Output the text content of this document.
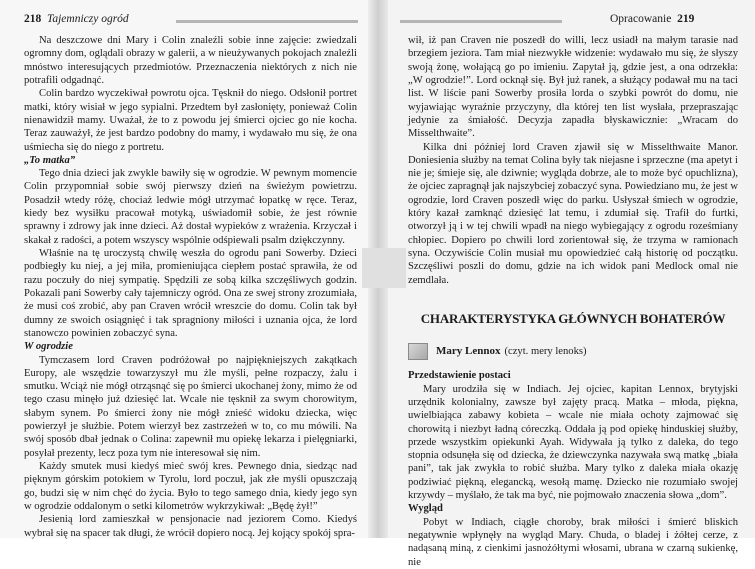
218 Tajemniczy ogród

Na deszczowe dni Mary i Colin znaleźli sobie inne zajęcie: zwiedzali ogromny dom, oglądali obrazy w galerii, a w nieużywanych pokojach znaleźli mnóstwo interesujących przedmiotów. Przeznaczenia niektórych z nich nie potrafili odgadnąć.

Colin bardzo wyczekiwał powrotu ojca. Tęsknił do niego. Odsłonił portret matki, który wisiał w jego sypialni. Przedtem był zasłonięty, ponieważ Colin nienawidził mamy. Uważał, że to z powodu jej śmierci ojciec go nie kocha. Teraz zauważył, że jest bardzo podobny do mamy, i wydawało mu się, że ona uśmiecha się do niego z portretu.

„To matka”

Tego dnia dzieci jak zwykle bawiły się w ogrodzie. W pewnym momencie Colin przypomniał sobie swój pierwszy dzień na świeżym powietrzu. Posadził wtedy różę, chociaż ledwie mógł utrzymać łopatkę w ręce. Teraz, kiedy bez wysiłku pracował motyką, uświadomił sobie, że jest równie sprawny i zdrowy jak inne dzieci. Aż dostał wypieków z wrażenia. Krzyczał i skakał z radości, a potem wszyscy wspólnie odśpiewali psalm dziękczynny.

Właśnie na tę uroczystą chwilę weszła do ogrodu pani Sowerby. Dzieci podbiegły ku niej, a jej miła, promieniująca ciepłem postać sprawiła, że od razu poczuły do niej sympatię. Spędzili ze sobą kilka szczęśliwych godzin. Pokazali pani Sowerby cały tajemniczy ogród. Ona ze swej strony zrozumiała, że musi coś zrobić, aby pan Craven wrócił wreszcie do domu. Colin tak był dumny ze swoich osiągnięć i tak spragniony miłości i uznania ojca, że lord stanowczo powinien zobaczyć syna.

W ogrodzie

Tymczasem lord Craven podróżował po najpiękniejszych zakątkach Europy, ale wszędzie towarzyszył mu żle myśli, pełne rozpaczy, żalu i smutku. Wciąż nie mógł otrząsnąć się po śmierci ukochanej żony, mimo że od tego czasu minęło już dziesięć lat. Wcale nie tęsknił za swym chorowitym, słabym synem. Po śmierci żony nie mógł znieść widoku dziecka, więc powierzył je służbie. Potem wierzył bez zastrzeżeń w to, co mu mówili. Na swój sposób dbał jednak o Colina: zapewnił mu opiekę lekarza i pielęgniarki, posyłał prezenty, lecz poza tym nie interesował się nim.

Każdy smutek musi kiedyś mieć swój kres. Pewnego dnia, siedząc nad pięknym górskim potokiem w Tyrolu, lord poczuł, jak złe myśli opuszczają go, budzi się w nim chęć do życia. Było to tego samego dnia, kiedy jego syn w ogrodzie oddalonym o setki kilometrów wykrzykiwał: „Będę żył!”

Jesienią lord zamieszkał w pensjonacie nad jeziorem Como. Kiedyś wybrał się na spacer tak długi, że wrócił dopiero nocą. Jej kojący spokój spra-

Opracowanie 219

wił, iż pan Craven nie poszedł do willi, lecz usiadł na małym tarasie nad brzegiem jeziora. Tam miał niezwykłe widzenie: wydawało mu się, że słyszy swoją żonę, wołającą go po imieniu. Zapytał ją, gdzie jest, a ona odrzekła: „W ogrodzie!”. Lord ocknął się. Był już ranek, a służący podawał mu na taci list. W liście pani Sowerby prosiła lorda o szybki powrót do domu, nie wyjawiając wyraźnie przyczyny, dla której ten list wysłała, przepraszając jedynie za śmiałość. Decyzja zapadła błyskawicznie: „Wracam do Misselthwaite”.

Kilka dni później lord Craven zjawił się w Misselthwaite Manor. Doniesienia służby na temat Colina były tak niejasne i sprzeczne (ma apetyt i nie je; śmieje się, ale dziwnie; wygląda dobrze, ale to może być opuchlizna), że ojciec zapragnął jak najszybciej zobaczyć syna. Powiedziano mu, że jest w ogrodzie, lord Craven poszedł więc do parku. Usłyszał śmiech w ogrodzie, który kazał zamknąć dziesięć lat temu, i zdumiał się. Trafił do furtki, otworzył ją i w tej chwili wpadł na niego wybiegający z ogrodu roześmiany chłopiec. Dopiero po chwili lord zorientował się, że trzyma w ramionach syna. Oczywiście Colin musiał mu opowiedzieć całą historię od początku. Szczęśliwi poszli do domu, gdzie na ich widok pani Medlock omal nie zemdlała.

CHARAKTERYSTYKA GŁÓWNYCH BOHATERÓW
Mary Lennox (czyt. mery lenoks)
Przedstawienie postaci

Mary urodziła się w Indiach. Jej ojciec, kapitan Lennox, brytyjski urzędnik kolonialny, zawsze był zajęty pracą. Matka – młoda, piękna, uwielbiająca zabawy kobieta – wcale nie miała ochoty zajmować się chorowitą i niezbyt ładną córeczką. Oddała ją pod opiekę hinduskiej służby, przede wszystkim opiekunki Ayah. Widywała ją tylko z daleka, do tego stopnia odsunęła się od dziecka, że dziewczynka nazywała swą matkę „biała pani”, tak jak zwykła to robić służba. Mary tylko z daleka miała okazję podziwiać piękną, elegancką, wesołą mamę. Dziecko nie rozumiało swojej krzywdy – myślało, że tak ma być, nie pojmowało znaczenia słowa „dom”.

Wygląd

Pobyt w Indiach, ciągłe choroby, brak miłości i śmierć bliskich negatywnie wpłynęły na wygląd Mary. Chuda, o bladej i żółtej cerze, z nadąsaną miną, z cienkimi jasnożółtymi włosami, ubrana w czarną sukienkę, nie
